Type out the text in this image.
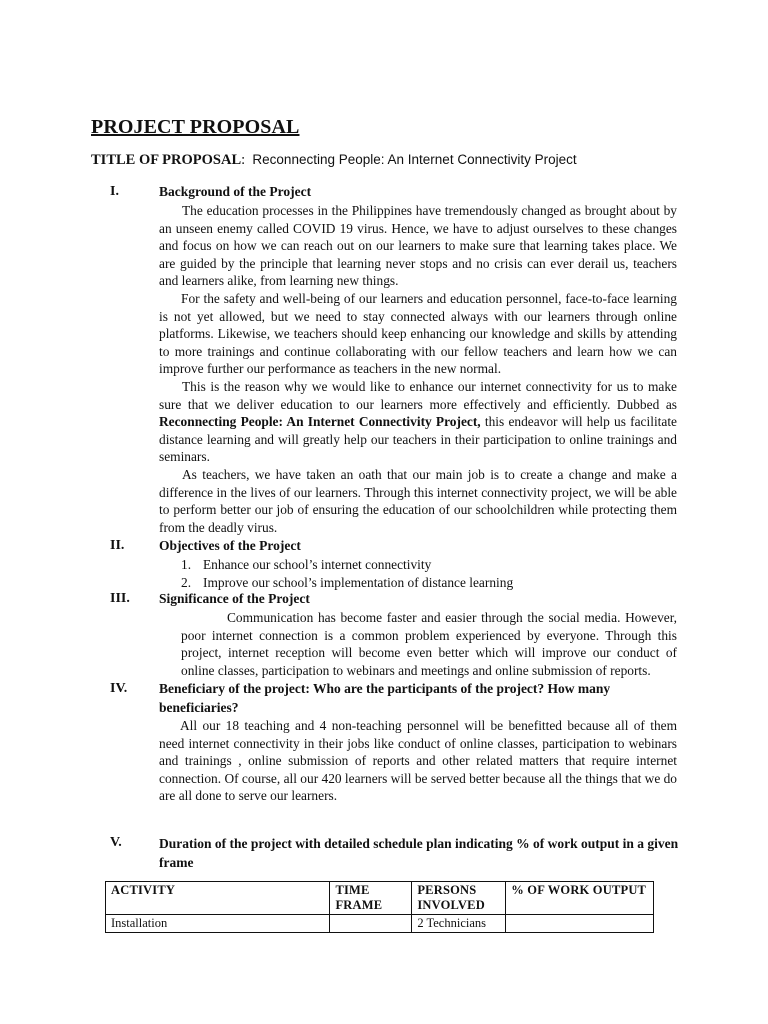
PROJECT PROPOSAL
TITLE OF PROPOSAL:  Reconnecting People: An Internet Connectivity Project
I.	Background of the Project
The education processes in the Philippines have tremendously changed as brought about by an unseen enemy called COVID 19 virus. Hence, we have to adjust ourselves to these changes and focus on how we can reach out on our learners to make sure that learning takes place. We are guided by the principle that learning never stops and no crisis can ever derail us, teachers and learners alike, from learning new things.
For the safety and well-being of our learners and education personnel, face-to-face learning is not yet allowed, but we need to stay connected always with our learners through online platforms. Likewise, we teachers should keep enhancing our knowledge and skills by attending to more trainings and continue collaborating with our fellow teachers and learn how we can improve further our performance as teachers in the new normal.
This is the reason why we would like to enhance our internet connectivity for us to make sure that we deliver education to our learners more effectively and efficiently. Dubbed as Reconnecting People: An Internet Connectivity Project, this endeavor will help us facilitate distance learning and will greatly help our teachers in their participation to online trainings and seminars.
As teachers, we have taken an oath that our main job is to create a change and make a difference in the lives of our learners. Through this internet connectivity project, we will be able to perform better our job of ensuring the education of our schoolchildren while protecting them from the deadly virus.
II.	Objectives of the Project
1. Enhance our school’s internet connectivity
2. Improve our school’s implementation of distance learning
III. Significance of the Project
Communication has become faster and easier through the social media. However, poor internet connection is a common problem experienced by everyone. Through this project, internet reception will become even better which will improve our conduct of online classes, participation to webinars and meetings and online submission of reports.
IV. Beneficiary of the project: Who are the participants of the project? How many beneficiaries?
All our 18 teaching and 4 non-teaching personnel will be benefitted because all of them need internet connectivity in their jobs like conduct of online classes, participation to webinars and trainings , online submission of reports and other related matters that require internet connection. Of course, all our 420 learners will be served better because all the things that we do are all done to serve our learners.
V.	Duration of the project with detailed schedule plan indicating % of work output in a given frame
ACTIVITY	TIME FRAME	PERSONS INVOLVED	% OF WORK OUTPUT
Installation		2 Technicians	
